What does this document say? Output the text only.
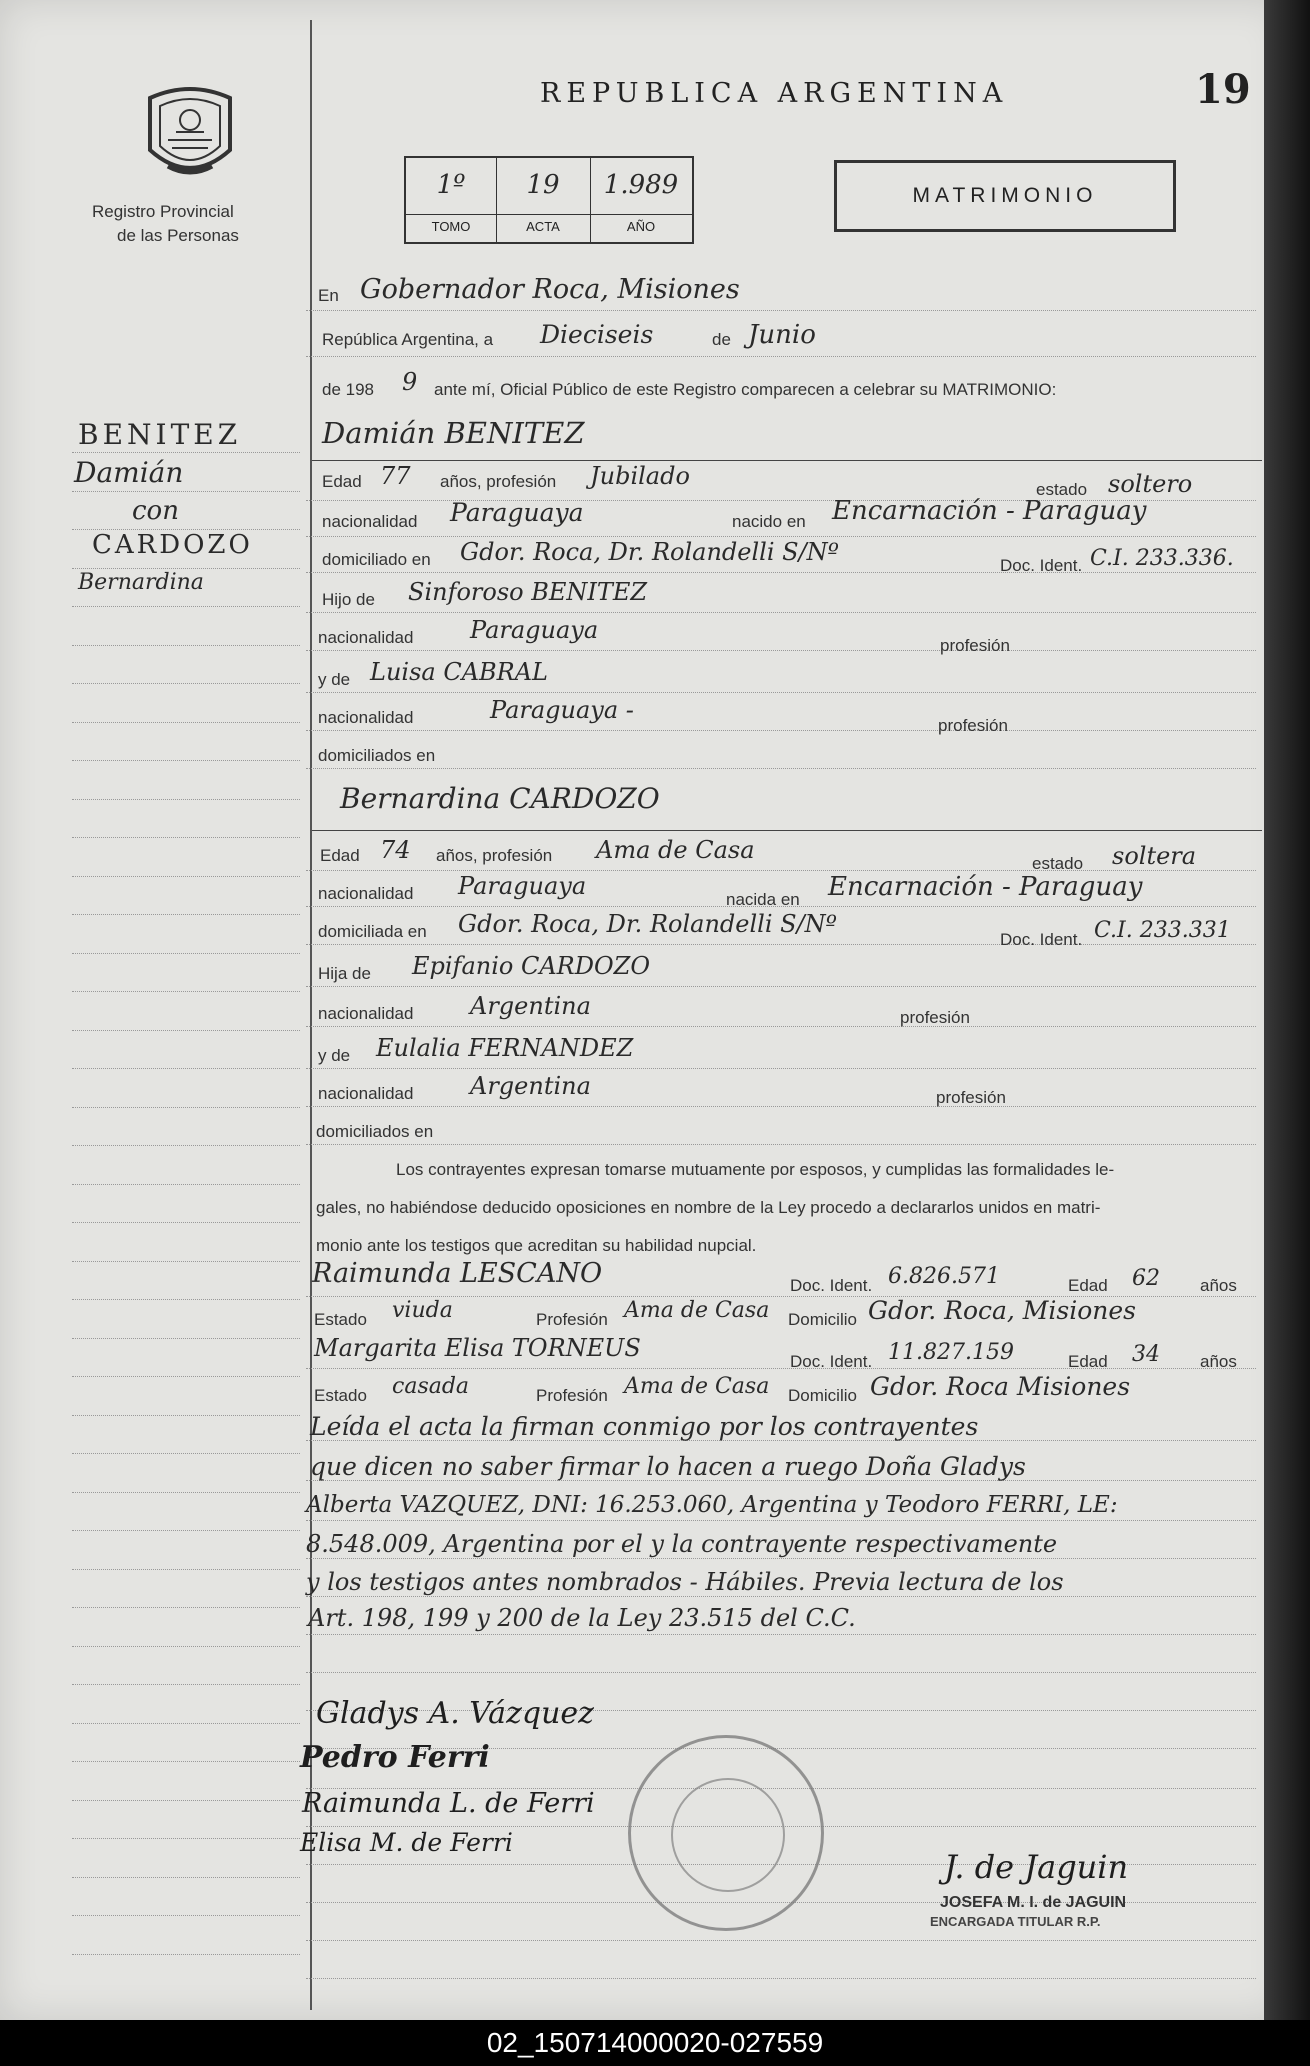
Registro Provincial
de las Personas
REPUBLICA ARGENTINA	19
1º
TOMO
19
ACTA
1.989
AÑO
MATRIMONIO
BENITEZ
Damián
con
CARDOZO
Bernardina
En Gobernador Roca, Misiones
República Argentina, a Dieciseis	de Junio
de 198 9 ante mí, Oficial Público de este Registro comparecen a celebrar su MATRIMONIO:
Damián BENITEZ
Edad 77 años, profesión Jubilado	estado soltero
nacionalidad Paraguaya	nacido en Encarnación - Paraguay
domiciliado en Gdor. Roca, Dr. Rolandelli S/Nº	Doc. Ident. C.I. 233.336.
Hijo de Sinforoso BENITEZ
nacionalidad Paraguaya
profesión
y de Luisa CABRAL
nacionalidad	Paraguaya -
profesión
domiciliados en
Bernardina CARDOZO
Edad 74 años, profesión Ama de Casa	estado soltera
nacionalidad Paraguaya	nacida en Encarnación - Paraguay
domiciliada en Gdor. Roca, Dr. Rolandelli S/Nº
Doc. Ident. C.I. 233.331
Hija de Epifanio CARDOZO
nacionalidad Argentina	profesión
y de Eulalia FERNANDEZ
nacionalidad Argentina	profesión
domiciliados en
Los contrayentes expresan tomarse mutuamente por esposos, y cumplidas las formalidades le-
gales, no habiéndose deducido oposiciones en nombre de la Ley procedo a declararlos unidos en matri-
monio ante los testigos que acreditan su habilidad nupcial.
Raimunda LESCANO	Doc. Ident. 6.826.571	Edad 62 años
Estado viuda	Profesión Ama de Casa Domicilio Gdor. Roca, Misiones
Margarita Elisa TORNEUS	Doc. Ident. 11.827.159	Edad 34 años
Estado casada	Profesión Ama de Casa Domicilio Gdor. Roca Misiones
Leída el acta la firman conmigo por los contrayentes
que dicen no saber firmar lo hacen a ruego Doña Gladys
Alberta VAZQUEZ, DNI: 16.253.060, Argentina y Teodoro FERRI, LE:
8.548.009, Argentina por el y la contrayente respectivamente
y los testigos antes nombrados - Hábiles. Previa lectura de los
Art. 198, 199 y 200 de la Ley 23.515 del C.C.
Gladys A. Vázquez
Pedro Ferri
Raimunda L. de Ferri
Elisa M. de Ferri
J. de Jaguin
JOSEFA M. I. de JAGUIN
ENCARGADA TITULAR R.P.
02_150714000020-027559
